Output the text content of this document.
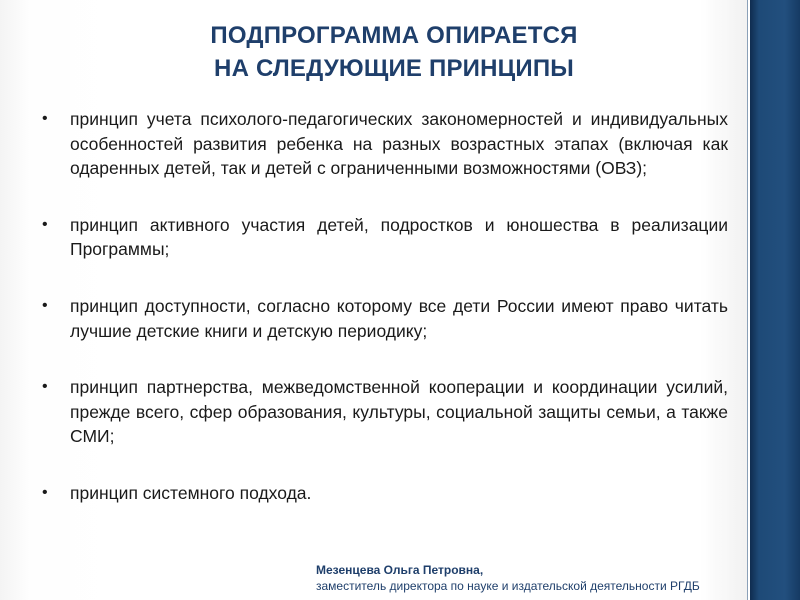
ПОДПРОГРАММА ОПИРАЕТСЯ
НА СЛЕДУЮЩИЕ ПРИНЦИПЫ
• принцип учета психолого-педагогических закономерностей и индивидуальных особенностей развития ребенка на разных возрастных этапах (включая как одаренных детей, так и детей с ограниченными возможностями (ОВЗ);
• принцип активного участия детей, подростков и юношества в реализации Программы;
• принцип доступности, согласно которому все дети России имеют право читать лучшие детские книги и детскую периодику;
• принцип партнерства, межведомственной кооперации и координации усилий, прежде всего, сфер образования, культуры, социальной защиты семьи, а также СМИ;
• принцип системного подхода.
Мезенцева Ольга Петровна,
заместитель директора по науке и издательской деятельности РГДБ
